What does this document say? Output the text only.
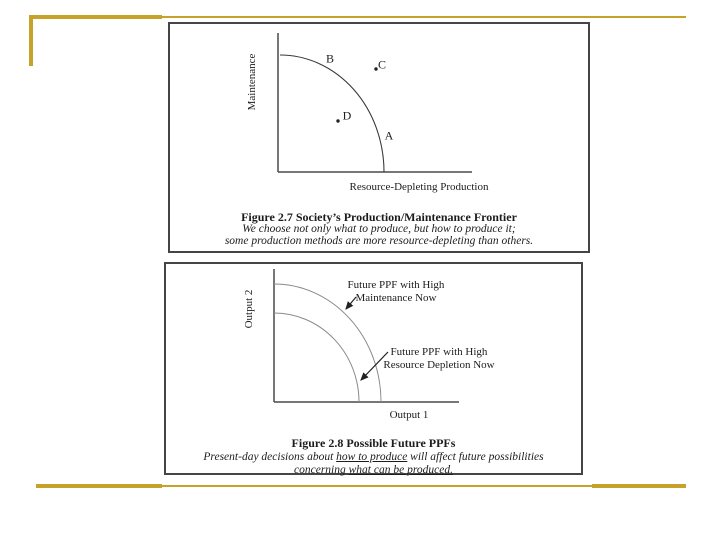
Maintenance	B	C
D
A
Resource-Depleting Production
Figure 2.7 Society’s Production/Maintenance Frontier
We choose not only what to produce, but how to produce it;
some production methods are more resource-depleting than others.
Output 2
Future PPF with High
Maintenance Now
Future PPF with High
Resource Depletion Now
Output 1
Figure 2.8 Possible Future PPFs
Present-day decisions about how to produce will affect future possibilities
concerning what can be produced.
